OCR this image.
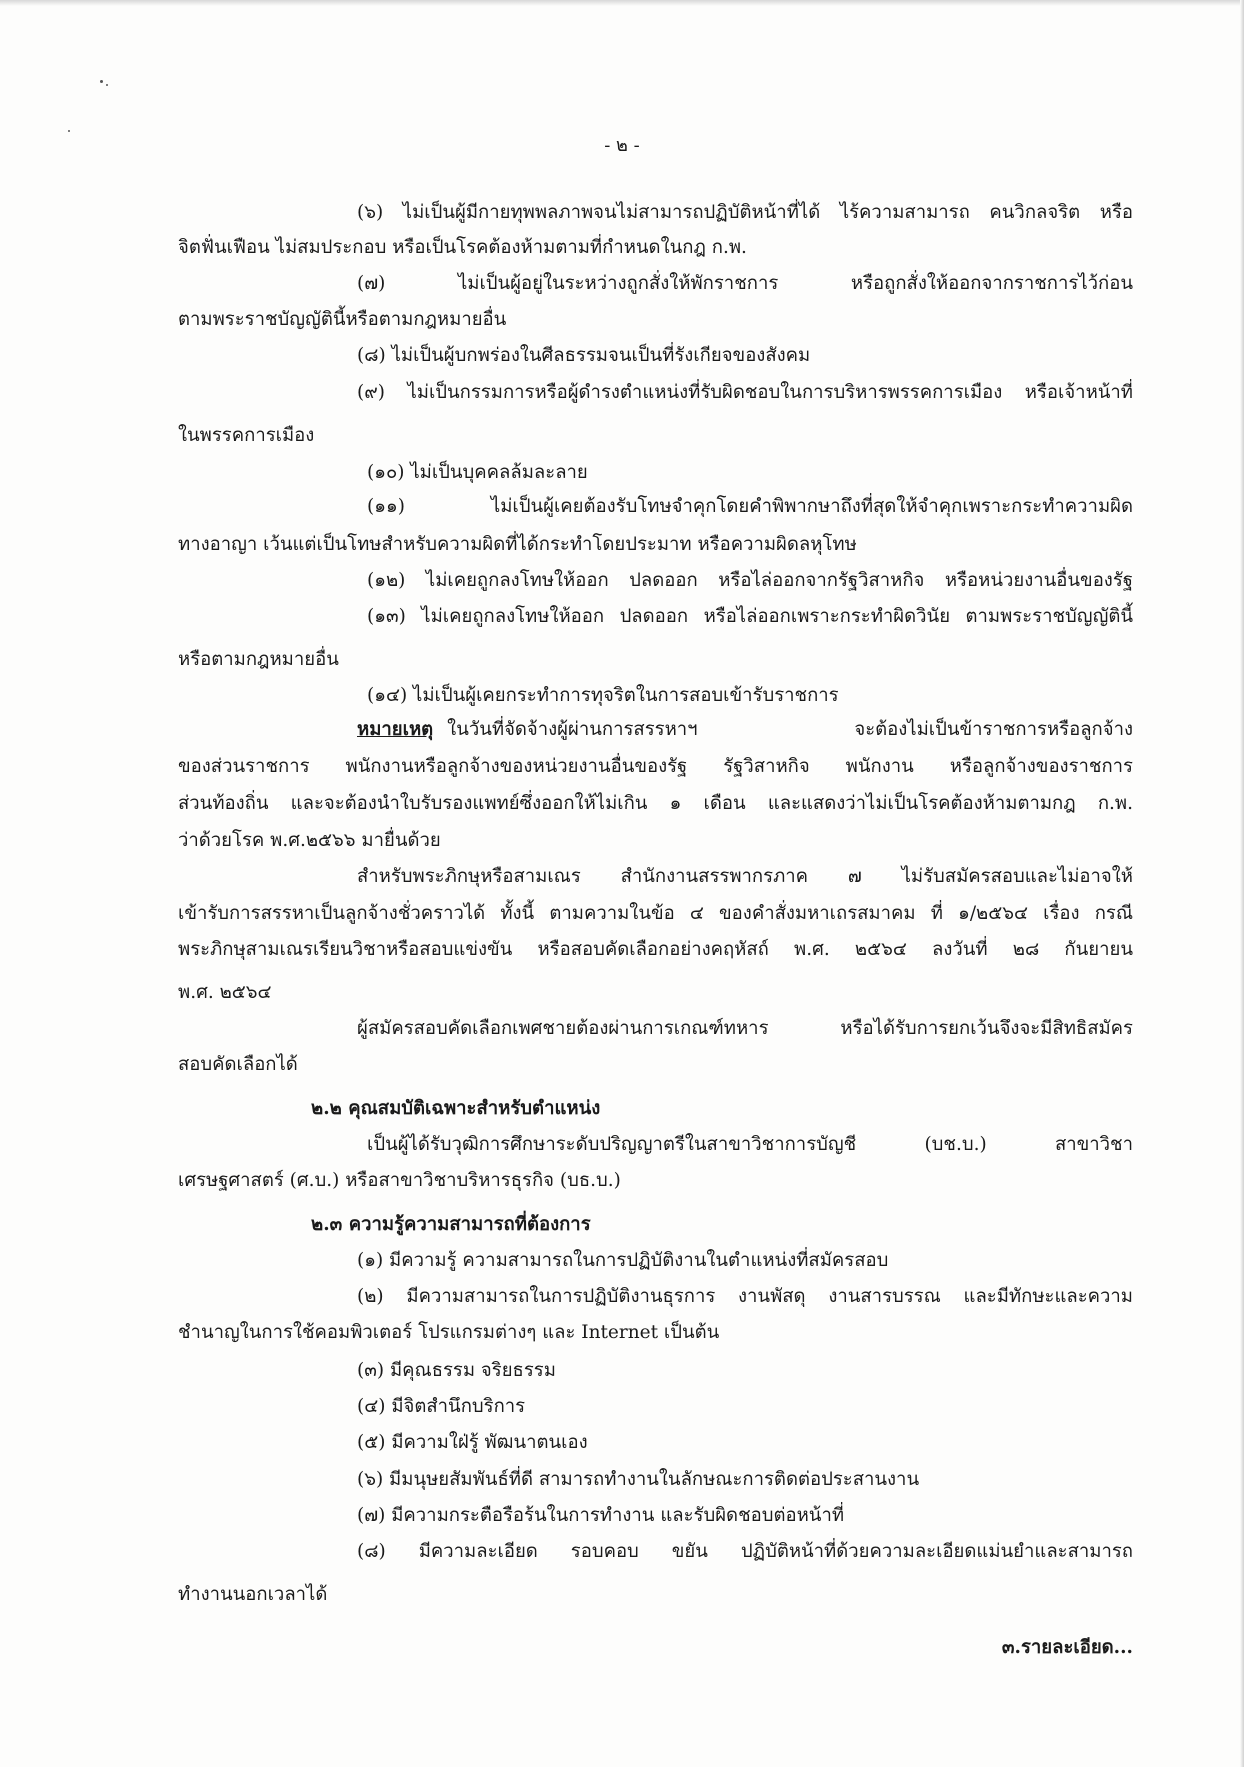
- ๒ -
(๖) ไม่เป็นผู้มีกายทุพพลภาพจนไม่สามารถปฏิบัติหน้าที่ได้ ไร้ความสามารถ คนวิกลจริต หรือ
จิตฟั่นเฟือน ไม่สมประกอบ หรือเป็นโรคต้องห้ามตามที่กำหนดในกฎ ก.พ.
(๗) ไม่เป็นผู้อยู่ในระหว่างถูกสั่งให้พักราชการ หรือถูกสั่งให้ออกจากราชการไว้ก่อน
ตามพระราชบัญญัตินี้หรือตามกฎหมายอื่น
(๘) ไม่เป็นผู้บกพร่องในศีลธรรมจนเป็นที่รังเกียจของสังคม
(๙) ไม่เป็นกรรมการหรือผู้ดำรงตำแหน่งที่รับผิดชอบในการบริหารพรรคการเมือง หรือเจ้าหน้าที่
ในพรรคการเมือง
(๑๐) ไม่เป็นบุคคลล้มละลาย
(๑๑) ไม่เป็นผู้เคยต้องรับโทษจำคุกโดยคำพิพากษาถึงที่สุดให้จำคุกเพราะกระทำความผิด
ทางอาญา เว้นแต่เป็นโทษสำหรับความผิดที่ได้กระทำโดยประมาท หรือความผิดลหุโทษ
(๑๒) ไม่เคยถูกลงโทษให้ออก ปลดออก หรือไล่ออกจากรัฐวิสาหกิจ หรือหน่วยงานอื่นของรัฐ
(๑๓) ไม่เคยถูกลงโทษให้ออก ปลดออก หรือไล่ออกเพราะกระทำผิดวินัย ตามพระราชบัญญัตินี้
หรือตามกฎหมายอื่น
(๑๔) ไม่เป็นผู้เคยกระทำการทุจริตในการสอบเข้ารับราชการ
หมายเหตุ ในวันที่จัดจ้างผู้ผ่านการสรรหาฯ จะต้องไม่เป็นข้าราชการหรือลูกจ้าง
ของส่วนราชการ พนักงานหรือลูกจ้างของหน่วยงานอื่นของรัฐ รัฐวิสาหกิจ พนักงาน หรือลูกจ้างของราชการ
ส่วนท้องถิ่น และจะต้องนำใบรับรองแพทย์ซึ่งออกให้ไม่เกิน ๑ เดือน และแสดงว่าไม่เป็นโรคต้องห้ามตามกฎ ก.พ.
ว่าด้วยโรค พ.ศ.๒๕๖๖ มายื่นด้วย
สำหรับพระภิกษุหรือสามเณร สำนักงานสรรพากรภาค ๗ ไม่รับสมัครสอบและไม่อาจให้
เข้ารับการสรรหาเป็นลูกจ้างชั่วคราวได้ ทั้งนี้ ตามความในข้อ ๔ ของคำสั่งมหาเถรสมาคม ที่ ๑/๒๕๖๔ เรื่อง กรณี
พระภิกษุสามเณรเรียนวิชาหรือสอบแข่งขัน หรือสอบคัดเลือกอย่างคฤหัสถ์ พ.ศ. ๒๕๖๔ ลงวันที่ ๒๘ กันยายน
พ.ศ. ๒๕๖๔
ผู้สมัครสอบคัดเลือกเพศชายต้องผ่านการเกณฑ์ทหาร หรือได้รับการยกเว้นจึงจะมีสิทธิสมัคร
สอบคัดเลือกได้
๒.๒ คุณสมบัติเฉพาะสำหรับตำแหน่ง
เป็นผู้ได้รับวุฒิการศึกษาระดับปริญญาตรีในสาขาวิชาการบัญชี (บช.บ.) สาขาวิชา
เศรษฐศาสตร์ (ศ.บ.) หรือสาขาวิชาบริหารธุรกิจ (บธ.บ.)
๒.๓ ความรู้ความสามารถที่ต้องการ
(๑) มีความรู้ ความสามารถในการปฏิบัติงานในตำแหน่งที่สมัครสอบ
(๒) มีความสามารถในการปฏิบัติงานธุรการ งานพัสดุ งานสารบรรณ และมีทักษะและความ
ชำนาญในการใช้คอมพิวเตอร์ โปรแกรมต่างๆ และ Internet เป็นต้น
(๓) มีคุณธรรม จริยธรรม
(๔) มีจิตสำนึกบริการ
(๕) มีความใฝ่รู้ พัฒนาตนเอง
(๖) มีมนุษยสัมพันธ์ที่ดี สามารถทำงานในลักษณะการติดต่อประสานงาน
(๗) มีความกระตือรือร้นในการทำงาน และรับผิดชอบต่อหน้าที่
(๘) มีความละเอียด รอบคอบ ขยัน ปฏิบัติหน้าที่ด้วยความละเอียดแม่นยำและสามารถ
ทำงานนอกเวลาได้
๓.รายละเอียด...
